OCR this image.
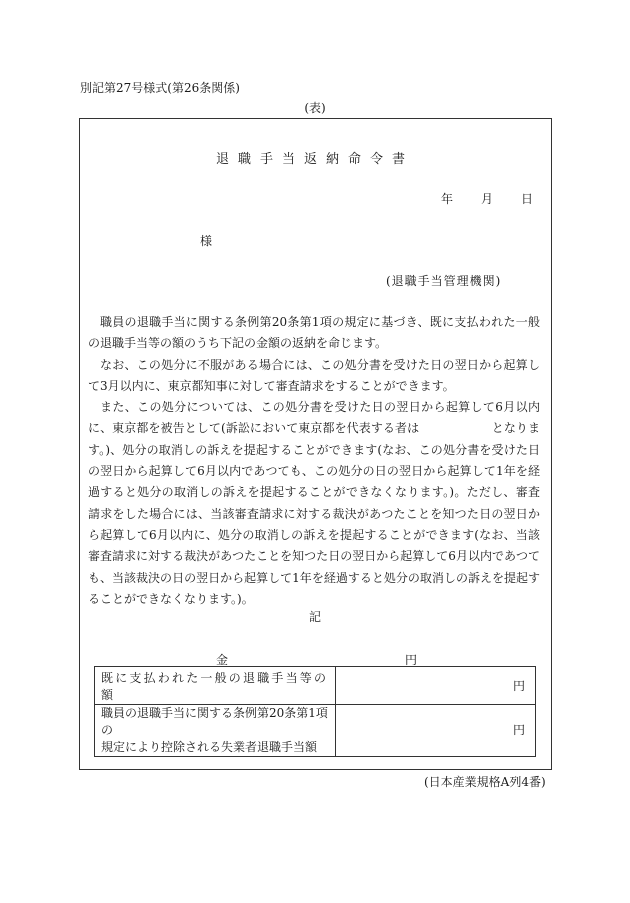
別記第27号様式(第26条関係)
(表)
退職手当返納命令書
年 月 日
様
(退職手当管理機関)

職員の退職手当に関する条例第20条第1項の規定に基づき、既に支払われた一般の退職手当等の額のうち下記の金額の返納を命じます。

なお、この処分に不服がある場合には、この処分書を受けた日の翌日から起算して3月以内に、東京都知事に対して審査請求をすることができます。

また、この処分については、この処分書を受けた日の翌日から起算して6月以内に、東京都を被告として(訴訟において東京都を代表する者は　　　　　　となります。)、処分の取消しの訴えを提起することができます(なお、この処分書を受けた日の翌日から起算して6月以内であつても、この処分の日の翌日から起算して1年を経過すると処分の取消しの訴えを提起することができなくなります。)。ただし、審査請求をした場合には、当該審査請求に対する裁決があつたことを知つた日の翌日から起算して6月以内に、処分の取消しの訴えを提起することができます(なお、当該審査請求に対する裁決があつたことを知つた日の翌日から起算して6月以内であつても、当該裁決の日の翌日から起算して1年を経過すると処分の取消しの訴えを提起することができなくなります。)。

記
金	円
既に支払われた一般の退職手当等の額	円
職員の退職手当に関する条例第20条第1項の
規定により控除される失業者退職手当額	円
(日本産業規格A列4番)
